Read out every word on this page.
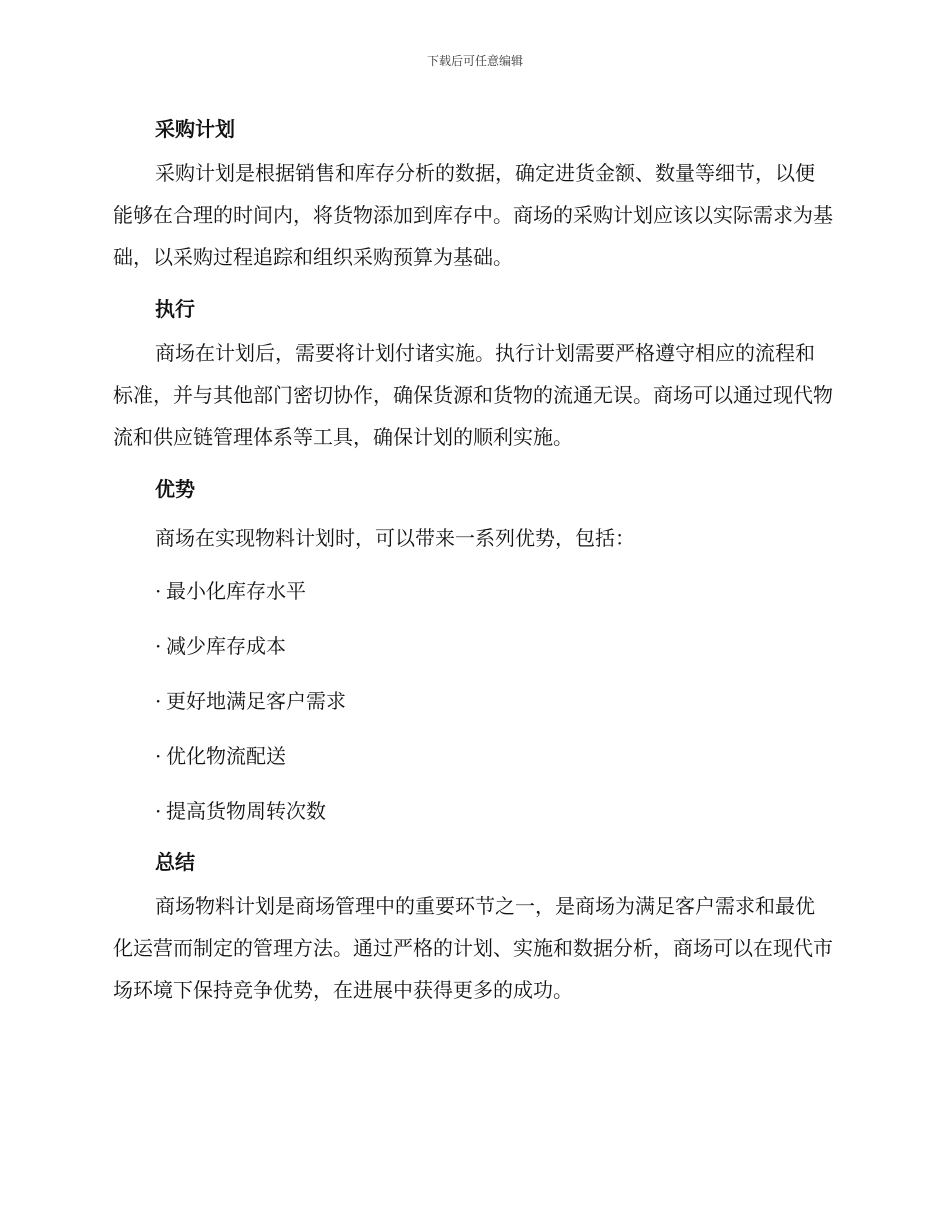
下载后可任意编辑
采购计划

采购计划是根据销售和库存分析的数据，确定进货金额、数量等细节，以便能够在合理的时间内，将货物添加到库存中。商场的采购计划应该以实际需求为基础，以采购过程追踪和组织采购预算为基础。

执行

商场在计划后，需要将计划付诸实施。执行计划需要严格遵守相应的流程和标准，并与其他部门密切协作，确保货源和货物的流通无误。商场可以通过现代物流和供应链管理体系等工具，确保计划的顺利实施。

优势
商场在实现物料计划时，可以带来一系列优势，包括：
· 最小化库存水平
· 减少库存成本
· 更好地满足客户需求
· 优化物流配送
· 提高货物周转次数
总结

商场物料计划是商场管理中的重要环节之一，是商场为满足客户需求和最优化运营而制定的管理方法。通过严格的计划、实施和数据分析，商场可以在现代市场环境下保持竞争优势，在进展中获得更多的成功。
